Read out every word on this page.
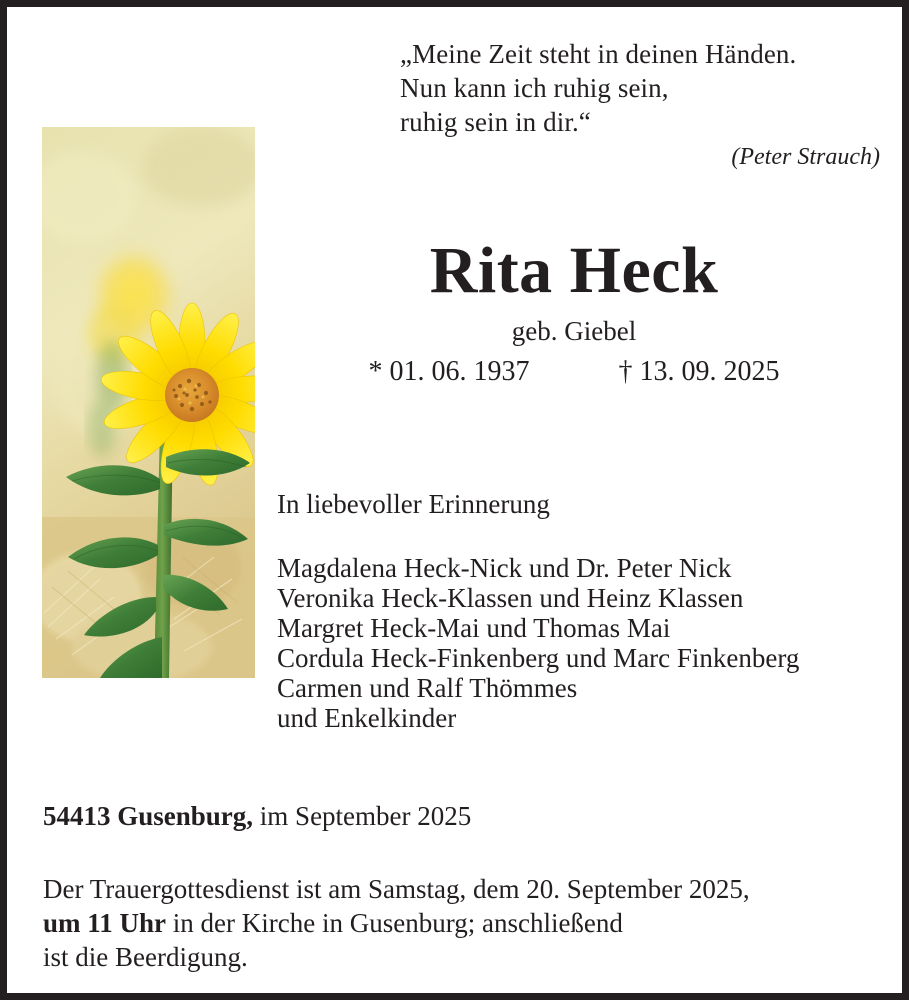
„Meine Zeit steht in deinen Händen.
Nun kann ich ruhig sein,
ruhig sein in dir.“
(Peter Strauch)
Rita Heck
geb. Giebel
* 01. 06. 1937	† 13. 09. 2025
In liebevoller Erinnerung
Magdalena Heck-Nick und Dr. Peter Nick
Veronika Heck-Klassen und Heinz Klassen
Margret Heck-Mai und Thomas Mai
Cordula Heck-Finkenberg und Marc Finkenberg
Carmen und Ralf Thömmes
und Enkelkinder
54413 Gusenburg, im September 2025
Der Trauergottesdienst ist am Samstag, dem 20. September 2025,
um 11 Uhr in der Kirche in Gusenburg; anschließend
ist die Beerdigung.
